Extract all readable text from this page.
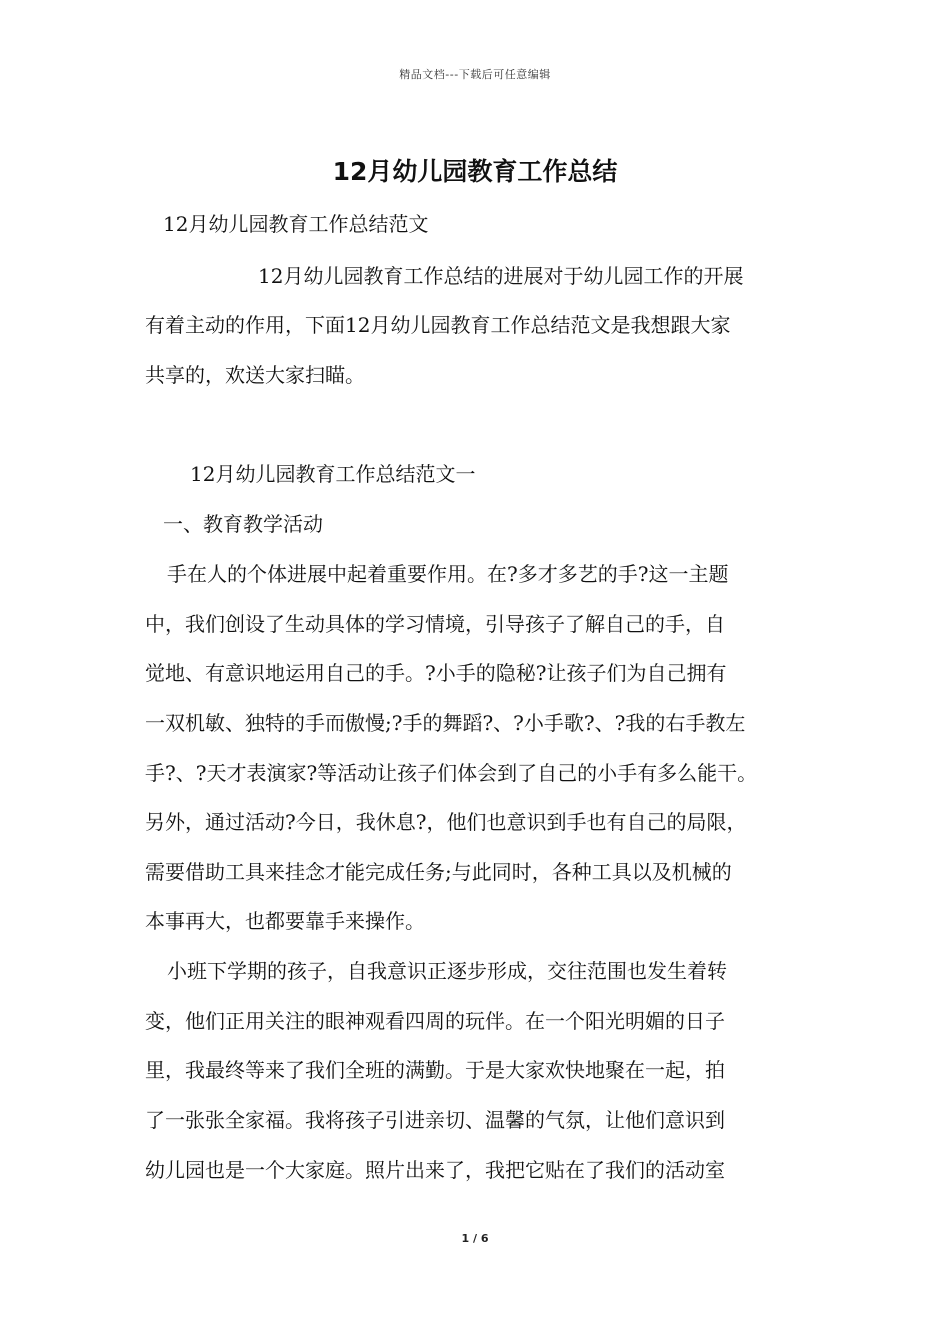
精品文档---下载后可任意编辑
12月幼儿园教育工作总结
12月幼儿园教育工作总结范文
12月幼儿园教育工作总结的进展对于幼儿园工作的开展
有着主动的作用，下面12月幼儿园教育工作总结范文是我想跟大家
共享的，欢送大家扫瞄。
12月幼儿园教育工作总结范文一
一、教育教学活动
手在人的个体进展中起着重要作用。在?多才多艺的手?这一主题
中，我们创设了生动具体的学习情境，引导孩子了解自己的手，自
觉地、有意识地运用自己的手。?小手的隐秘?让孩子们为自己拥有
一双机敏、独特的手而傲慢;?手的舞蹈?、?小手歌?、?我的右手教左
手?、?天才表演家?等活动让孩子们体会到了自己的小手有多么能干。
另外，通过活动?今日，我休息?，他们也意识到手也有自己的局限，
需要借助工具来挂念才能完成任务;与此同时，各种工具以及机械的
本事再大，也都要靠手来操作。
小班下学期的孩子，自我意识正逐步形成，交往范围也发生着转
变，他们正用关注的眼神观看四周的玩伴。在一个阳光明媚的日子
里，我最终等来了我们全班的满勤。于是大家欢快地聚在一起，拍
了一张张全家福。我将孩子引进亲切、温馨的气氛，让他们意识到
幼儿园也是一个大家庭。照片出来了，我把它贴在了我们的活动室
1 / 6
